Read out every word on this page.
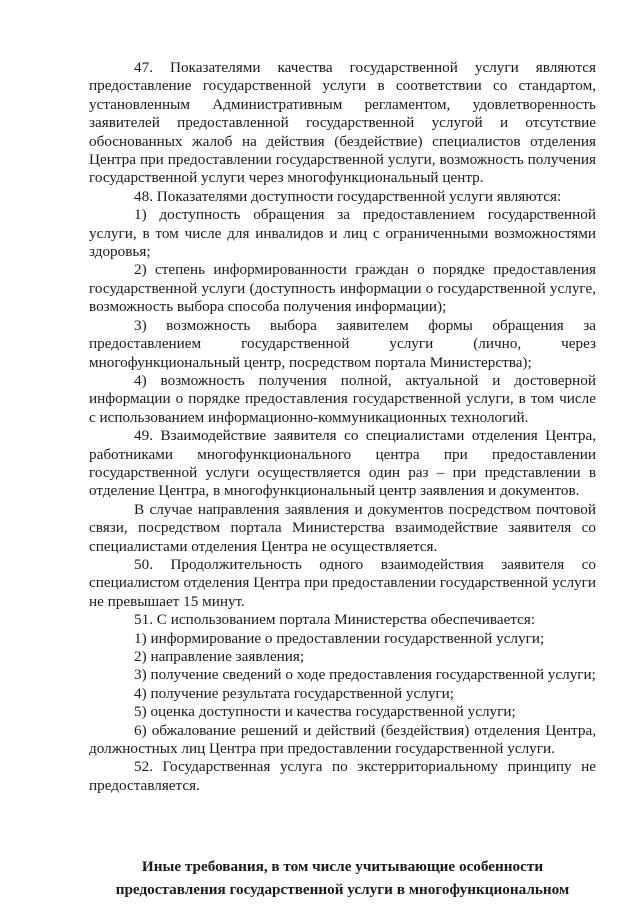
47. Показателями качества государственной услуги являются предоставление государственной услуги в соответствии со стандартом, установленным Административным регламентом, удовлетворенность заявителей предоставленной государственной услугой и отсутствие обоснованных жалоб на действия (бездействие) специалистов отделения Центра при предоставлении государственной услуги, возможность получения государственной услуги через многофункциональный центр.

48. Показателями доступности государственной услуги являются:

1) доступность обращения за предоставлением государственной услуги, в том числе для инвалидов и лиц с ограниченными возможностями здоровья;

2) степень информированности граждан о порядке предоставления государственной услуги (доступность информации о государственной услуге, возможность выбора способа получения информации);

3) возможность выбора заявителем формы обращения за предоставлением государственной услуги (лично, через многофункциональный центр, посредством портала Министерства);

4) возможность получения полной, актуальной и достоверной информации о порядке предоставления государственной услуги, в том числе с использованием информационно-коммуникационных технологий.

49. Взаимодействие заявителя со специалистами отделения Центра, работниками многофункционального центра при предоставлении государственной услуги осуществляется один раз – при представлении в отделение Центра, в многофункциональный центр заявления и документов.

В случае направления заявления и документов посредством почтовой связи, посредством портала Министерства взаимодействие заявителя со специалистами отделения Центра не осуществляется.

50. Продолжительность одного взаимодействия заявителя со специалистом отделения Центра при предоставлении государственной услуги не превышает 15 минут.

51. С использованием портала Министерства обеспечивается:

1) информирование о предоставлении государственной услуги;

2) направление заявления;

3) получение сведений о ходе предоставления государственной услуги;

4) получение результата государственной услуги;

5) оценка доступности и качества государственной услуги;

6) обжалование решений и действий (бездействия) отделения Центра, должностных лиц Центра при предоставлении государственной услуги.

52. Государственная услуга по экстерриториальному принципу не предоставляется.

Иные требования, в том числе учитывающие особенности
предоставления государственной услуги в многофункциональном
